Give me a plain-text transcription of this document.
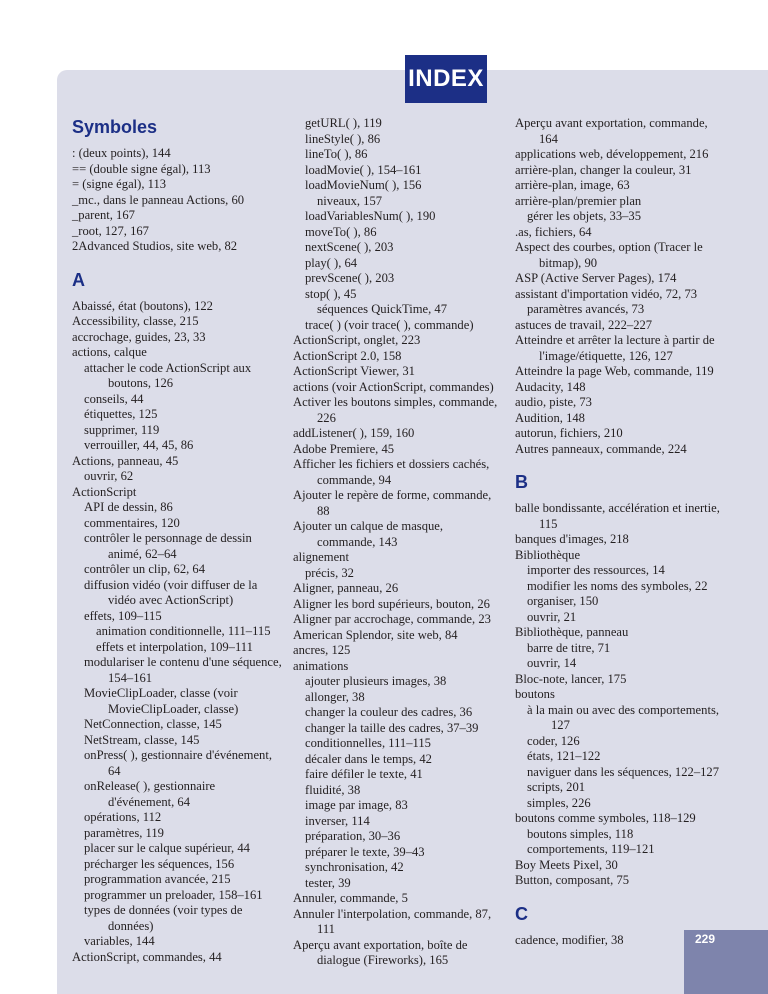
INDEX
229
Symboles
: (deux points), 144
== (double signe égal), 113
= (signe égal), 113
_mc., dans le panneau Actions, 60
_parent, 167
_root, 127, 167
2Advanced Studios, site web, 82
A
Abaissé, état (boutons), 122
Accessibility, classe, 215
accrochage, guides, 23, 33
actions, calque
attacher le code ActionScript aux boutons, 126
conseils, 44
étiquettes, 125
supprimer, 119
verrouiller, 44, 45, 86
Actions, panneau, 45
ouvrir, 62
ActionScript
API de dessin, 86
commentaires, 120
contrôler le personnage de dessin animé, 62–64
contrôler un clip, 62, 64
diffusion vidéo (voir diffuser de la vidéo avec ActionScript)
effets, 109–115
animation conditionnelle, 111–115
effets et interpolation, 109–111
modulariser le contenu d'une séquence, 154–161
MovieClipLoader, classe (voir MovieClipLoader, classe)
NetConnection, classe, 145
NetStream, classe, 145
onPress( ), gestionnaire d'événement, 64
onRelease( ), gestionnaire d'événement, 64
opérations, 112
paramètres, 119
placer sur le calque supérieur, 44
précharger les séquences, 156
programmation avancée, 215
programmer un preloader, 158–161
types de données (voir types de données)
variables, 144
ActionScript, commandes, 44
getURL( ), 119
lineStyle( ), 86
lineTo( ), 86
loadMovie( ), 154–161
loadMovieNum( ), 156
niveaux, 157
loadVariablesNum( ), 190
moveTo( ), 86
nextScene( ), 203
play( ), 64
prevScene( ), 203
stop( ), 45
séquences QuickTime, 47
trace( ) (voir trace( ), commande)
ActionScript, onglet, 223
ActionScript 2.0, 158
ActionScript Viewer, 31
actions (voir ActionScript, commandes)
Activer les boutons simples, commande, 226
addListener( ), 159, 160
Adobe Premiere, 45
Afficher les fichiers et dossiers cachés, commande, 94
Ajouter le repère de forme, commande, 88
Ajouter un calque de masque, commande, 143
alignement
précis, 32
Aligner, panneau, 26
Aligner les bord supérieurs, bouton, 26
Aligner par accrochage, commande, 23
American Splendor, site web, 84
ancres, 125
animations
ajouter plusieurs images, 38
allonger, 38
changer la couleur des cadres, 36
changer la taille des cadres, 37–39
conditionnelles, 111–115
décaler dans le temps, 42
faire défiler le texte, 41
fluidité, 38
image par image, 83
inverser, 114
préparation, 30–36
préparer le texte, 39–43
synchronisation, 42
tester, 39
Annuler, commande, 5
Annuler l'interpolation, commande, 87, 111
Aperçu avant exportation, boîte de dialogue (Fireworks), 165
Aperçu avant exportation, commande, 164
applications web, développement, 216
arrière-plan, changer la couleur, 31
arrière-plan, image, 63
arrière-plan/premier plan
gérer les objets, 33–35
.as, fichiers, 64
Aspect des courbes, option (Tracer le bitmap), 90
ASP (Active Server Pages), 174
assistant d'importation vidéo, 72, 73
paramètres avancés, 73
astuces de travail, 222–227
Atteindre et arrêter la lecture à partir de l'image/étiquette, 126, 127
Atteindre la page Web, commande, 119
Audacity, 148
audio, piste, 73
Audition, 148
autorun, fichiers, 210
Autres panneaux, commande, 224
B
balle bondissante, accélération et inertie, 115
banques d'images, 218
Bibliothèque
importer des ressources, 14
modifier les noms des symboles, 22
organiser, 150
ouvrir, 21
Bibliothèque, panneau
barre de titre, 71
ouvrir, 14
Bloc-note, lancer, 175
boutons
à la main ou avec des comportements, 127
coder, 126
états, 121–122
naviguer dans les séquences, 122–127
scripts, 201
simples, 226
boutons comme symboles, 118–129
boutons simples, 118
comportements, 119–121
Boy Meets Pixel, 30
Button, composant, 75
C
cadence, modifier, 38
